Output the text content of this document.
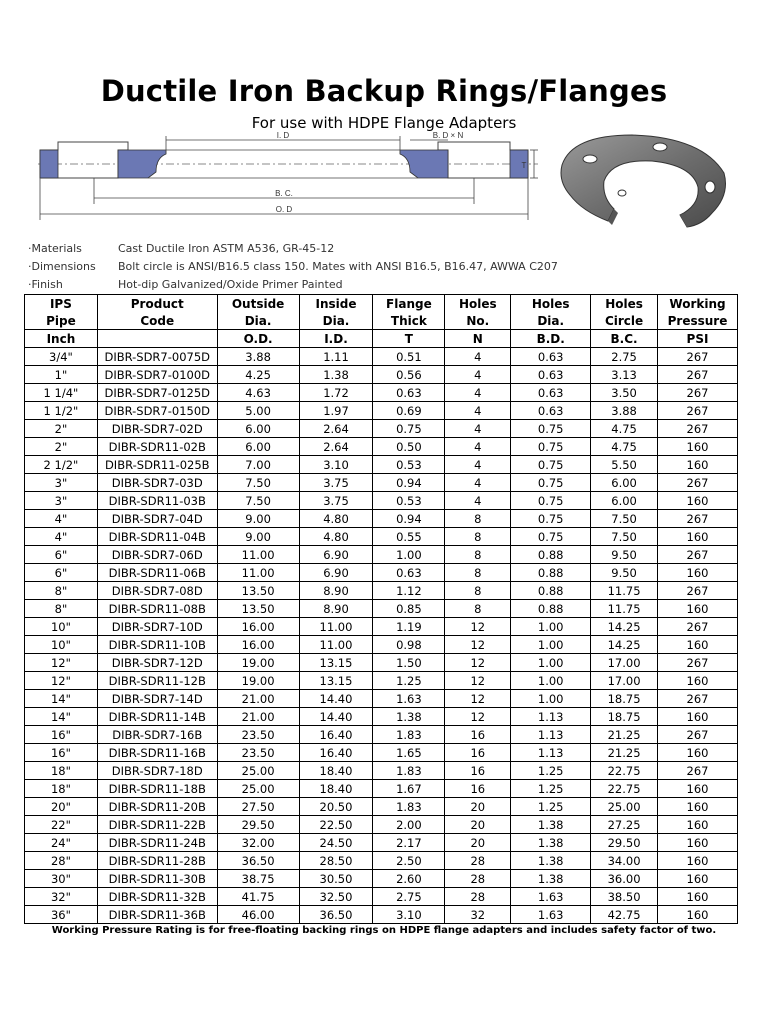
Ductile Iron Backup Rings/Flanges
For use with HDPE Flange Adapters
I. D	B. D × N
T
B. C.
O. D
·Materials	Cast Ductile Iron ASTM A536, GR-45-12
·Dimensions Bolt circle is ANSI/B16.5 class 150. Mates with ANSI B16.5, B16.47, AWWA C207
·Finish	Hot-dip Galvanized/Oxide Primer Painted
IPS	Product	Outside	Inside	Flange	Holes	Holes	Holes	Working
Pipe	Code	Dia.	Dia.	Thick	No.	Dia.	Circle	Pressure
Inch		O.D.	I.D.	T	N	B.D.	B.C.	PSI
3/4"	DIBR-SDR7-0075D	3.88	1.11	0.51	4	0.63	2.75	267
1"	DIBR-SDR7-0100D	4.25	1.38	0.56	4	0.63	3.13	267
1 1/4"	DIBR-SDR7-0125D	4.63	1.72	0.63	4	0.63	3.50	267
1 1/2"	DIBR-SDR7-0150D	5.00	1.97	0.69	4	0.63	3.88	267
2"	DIBR-SDR7-02D	6.00	2.64	0.75	4	0.75	4.75	267
2"	DIBR-SDR11-02B	6.00	2.64	0.50	4	0.75	4.75	160
2 1/2"	DIBR-SDR11-025B	7.00	3.10	0.53	4	0.75	5.50	160
3"	DIBR-SDR7-03D	7.50	3.75	0.94	4	0.75	6.00	267
3"	DIBR-SDR11-03B	7.50	3.75	0.53	4	0.75	6.00	160
4"	DIBR-SDR7-04D	9.00	4.80	0.94	8	0.75	7.50	267
4"	DIBR-SDR11-04B	9.00	4.80	0.55	8	0.75	7.50	160
6"	DIBR-SDR7-06D	11.00	6.90	1.00	8	0.88	9.50	267
6"	DIBR-SDR11-06B	11.00	6.90	0.63	8	0.88	9.50	160
8"	DIBR-SDR7-08D	13.50	8.90	1.12	8	0.88	11.75	267
8"	DIBR-SDR11-08B	13.50	8.90	0.85	8	0.88	11.75	160
10"	DIBR-SDR7-10D	16.00	11.00	1.19	12	1.00	14.25	267
10"	DIBR-SDR11-10B	16.00	11.00	0.98	12	1.00	14.25	160
12"	DIBR-SDR7-12D	19.00	13.15	1.50	12	1.00	17.00	267
12"	DIBR-SDR11-12B	19.00	13.15	1.25	12	1.00	17.00	160
14"	DIBR-SDR7-14D	21.00	14.40	1.63	12	1.00	18.75	267
14"	DIBR-SDR11-14B	21.00	14.40	1.38	12	1.13	18.75	160
16"	DIBR-SDR7-16B	23.50	16.40	1.83	16	1.13	21.25	267
16"	DIBR-SDR11-16B	23.50	16.40	1.65	16	1.13	21.25	160
18"	DIBR-SDR7-18D	25.00	18.40	1.83	16	1.25	22.75	267
18"	DIBR-SDR11-18B	25.00	18.40	1.67	16	1.25	22.75	160
20"	DIBR-SDR11-20B	27.50	20.50	1.83	20	1.25	25.00	160
22"	DIBR-SDR11-22B	29.50	22.50	2.00	20	1.38	27.25	160
24"	DIBR-SDR11-24B	32.00	24.50	2.17	20	1.38	29.50	160
28"	DIBR-SDR11-28B	36.50	28.50	2.50	28	1.38	34.00	160
30"	DIBR-SDR11-30B	38.75	30.50	2.60	28	1.38	36.00	160
32"	DIBR-SDR11-32B	41.75	32.50	2.75	28	1.63	38.50	160
36"	DIBR-SDR11-36B	46.00	36.50	3.10	32	1.63	42.75	160
Working Pressure Rating is for free-floating backing rings on HDPE flange adapters and includes safety factor of two.
